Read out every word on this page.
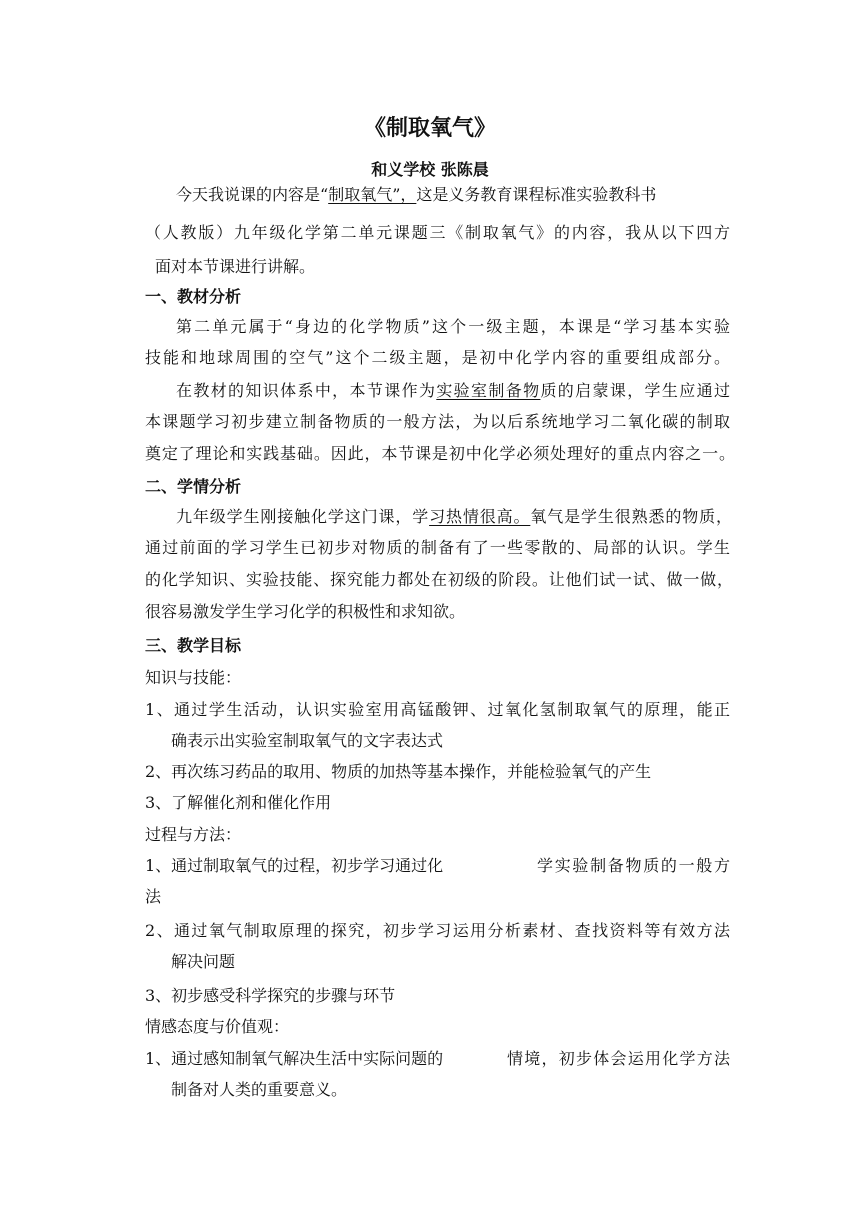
《制取氧气》
和义学校 张陈晨
今天我说课的内容是“制取氧气”，这是义务教育课程标准实验教科书
（人教版）九年级化学第二单元课题三《制取氧气》的内容，我从以下四方
面对本节课进行讲解。
一、教材分析
第二单元属于“身边的化学物质”这个一级主题，本课是“学习基本实验
技能和地球周围的空气”这个二级主题，是初中化学内容的重要组成部分。
在教材的知识体系中，本节课作为实验室制备物质的启蒙课，学生应通过
本课题学习初步建立制备物质的一般方法，为以后系统地学习二氧化碳的制取
奠定了理论和实践基础。因此，本节课是初中化学必须处理好的重点内容之一。
二、学情分析
九年级学生刚接触化学这门课，学习热情很高。氧气是学生很熟悉的物质，
通过前面的学习学生已初步对物质的制备有了一些零散的、局部的认识。学生
的化学知识、实验技能、探究能力都处在初级的阶段。让他们试一试、做一做，
很容易激发学生学习化学的积极性和求知欲。
三、教学目标
知识与技能：
1、通过学生活动，认识实验室用高锰酸钾、过氧化氢制取氧气的原理，能正
确表示出实验室制取氧气的文字表达式
2、再次练习药品的取用、物质的加热等基本操作，并能检验氧气的产生
3、了解催化剂和催化作用
过程与方法：
1、通过制取氧气的过程，初步学习通过化	学实验制备物质的一般方
法
2、通过氧气制取原理的探究，初步学习运用分析素材、查找资料等有效方法
解决问题
3、初步感受科学探究的步骤与环节
情感态度与价值观：
1、通过感知制氧气解决生活中实际问题的	情境，初步体会运用化学方法
制备对人类的重要意义。
